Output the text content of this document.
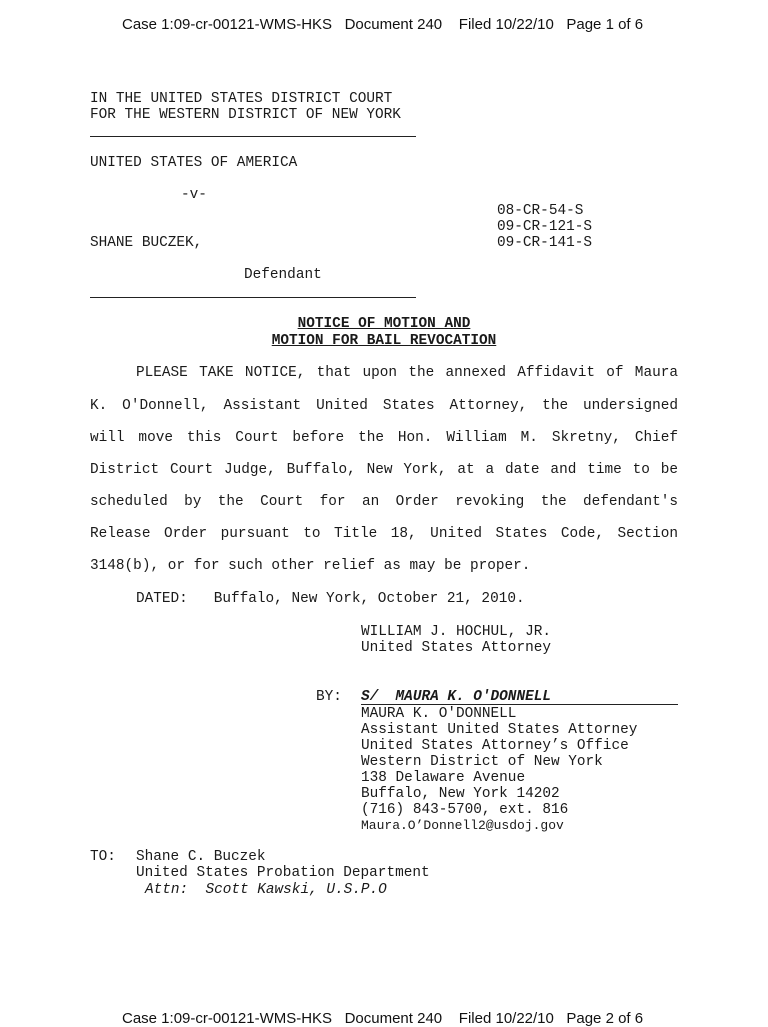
Case 1:09-cr-00121-WMS-HKS   Document 240    Filed 10/22/10   Page 1 of 6
IN THE UNITED STATES DISTRICT COURT
FOR THE WESTERN DISTRICT OF NEW YORK
UNITED STATES OF AMERICA
-v-
08-CR-54-S
09-CR-121-S
09-CR-141-S
SHANE BUCZEK,
Defendant
NOTICE OF MOTION AND
MOTION FOR BAIL REVOCATION
PLEASE TAKE NOTICE, that upon the annexed Affidavit of Maura
K. O'Donnell, Assistant United States Attorney, the undersigned
will move this Court before the Hon. William M. Skretny, Chief
District Court Judge, Buffalo, New York, at a date and time to be
scheduled by the Court for an Order revoking the defendant's
Release Order pursuant to Title 18, United States Code, Section
3148(b), or for such other relief as may be proper.
DATED:   Buffalo, New York, October 21, 2010.
WILLIAM J. HOCHUL, JR.
United States Attorney
BY: S/  MAURA K. O'DONNELL
MAURA K. O'DONNELL
Assistant United States Attorney
United States Attorney’s Office
Western District of New York
138 Delaware Avenue
Buffalo, New York 14202
(716) 843-5700, ext. 816
Maura.O’Donnell2@usdoj.gov
TO: Shane C. Buczek
United States Probation Department
Attn:  Scott Kawski, U.S.P.O
Case 1:09-cr-00121-WMS-HKS   Document 240    Filed 10/22/10   Page 2 of 6
